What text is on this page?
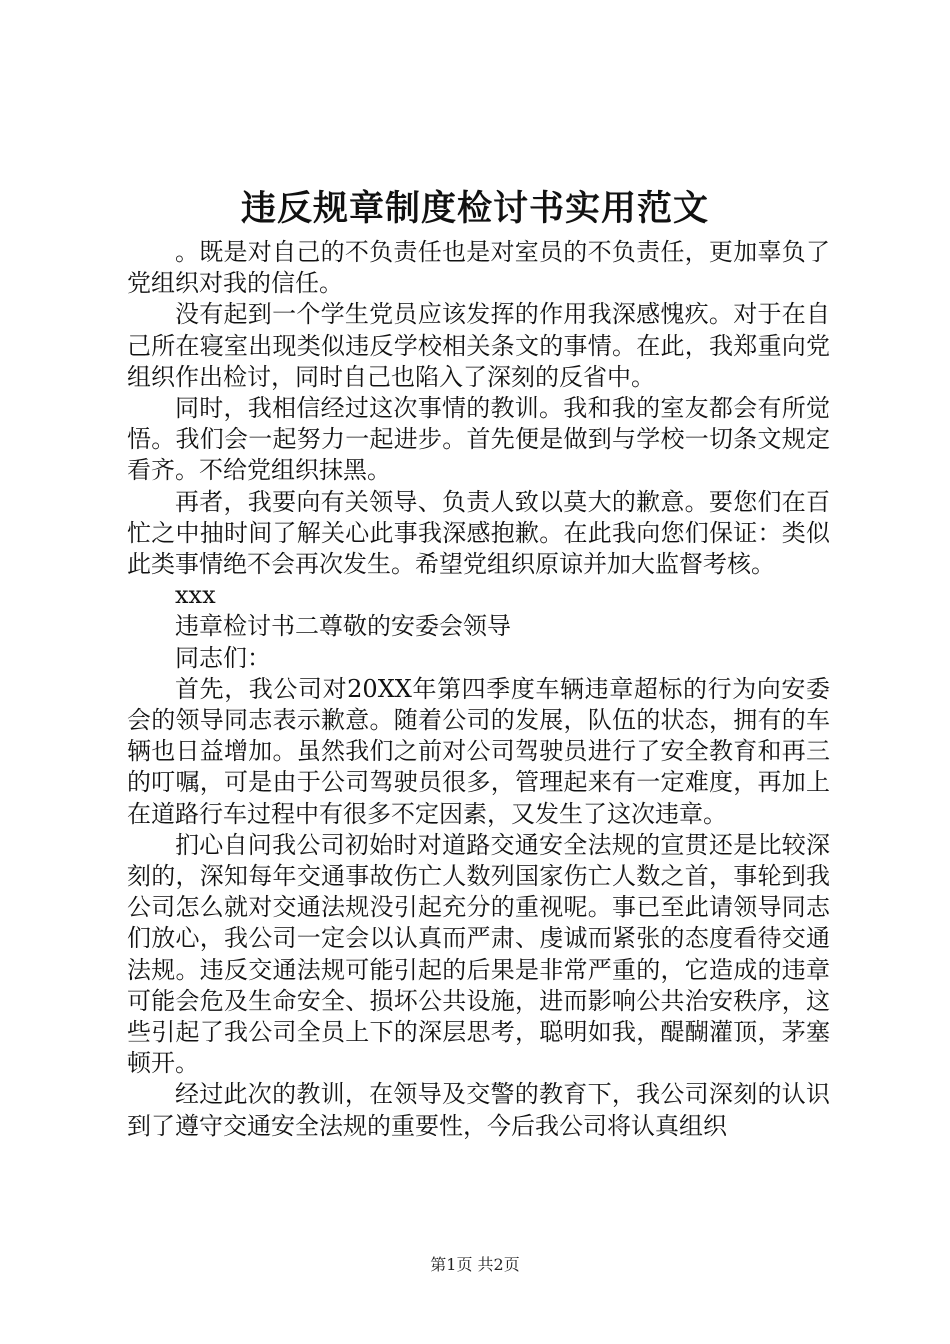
违反规章制度检讨书实用范文

。既是对自己的不负责任也是对室员的不负责任，更加辜负了党组织对我的信任。

没有起到一个学生党员应该发挥的作用我深感愧疚。对于在自己所在寝室出现类似违反学校相关条文的事情。在此，我郑重向党组织作出检讨，同时自己也陷入了深刻的反省中。

同时，我相信经过这次事情的教训。我和我的室友都会有所觉悟。我们会一起努力一起进步。首先便是做到与学校一切条文规定看齐。不给党组织抹黑。

再者，我要向有关领导、负责人致以莫大的歉意。要您们在百忙之中抽时间了解关心此事我深感抱歉。在此我向您们保证：类似此类事情绝不会再次发生。希望党组织原谅并加大监督考核。

xxx

违章检讨书二尊敬的安委会领导

同志们：

首先，我公司对20XX年第四季度车辆违章超标的行为向安委会的领导同志表示歉意。随着公司的发展，队伍的状态，拥有的车辆也日益增加。虽然我们之前对公司驾驶员进行了安全教育和再三的叮嘱，可是由于公司驾驶员很多，管理起来有一定难度，再加上在道路行车过程中有很多不定因素，又发生了这次违章。

扪心自问我公司初始时对道路交通安全法规的宣贯还是比较深刻的，深知每年交通事故伤亡人数列国家伤亡人数之首，事轮到我公司怎么就对交通法规没引起充分的重视呢。事已至此请领导同志们放心，我公司一定会以认真而严肃、虔诚而紧张的态度看待交通法规。违反交通法规可能引起的后果是非常严重的，它造成的违章可能会危及生命安全、损坏公共设施，进而影响公共治安秩序，这些引起了我公司全员上下的深层思考，聪明如我，醍醐灌顶，茅塞顿开。

经过此次的教训，在领导及交警的教育下，我公司深刻的认识到了遵守交通安全法规的重要性，今后我公司将认真组织

第1页 共2页
